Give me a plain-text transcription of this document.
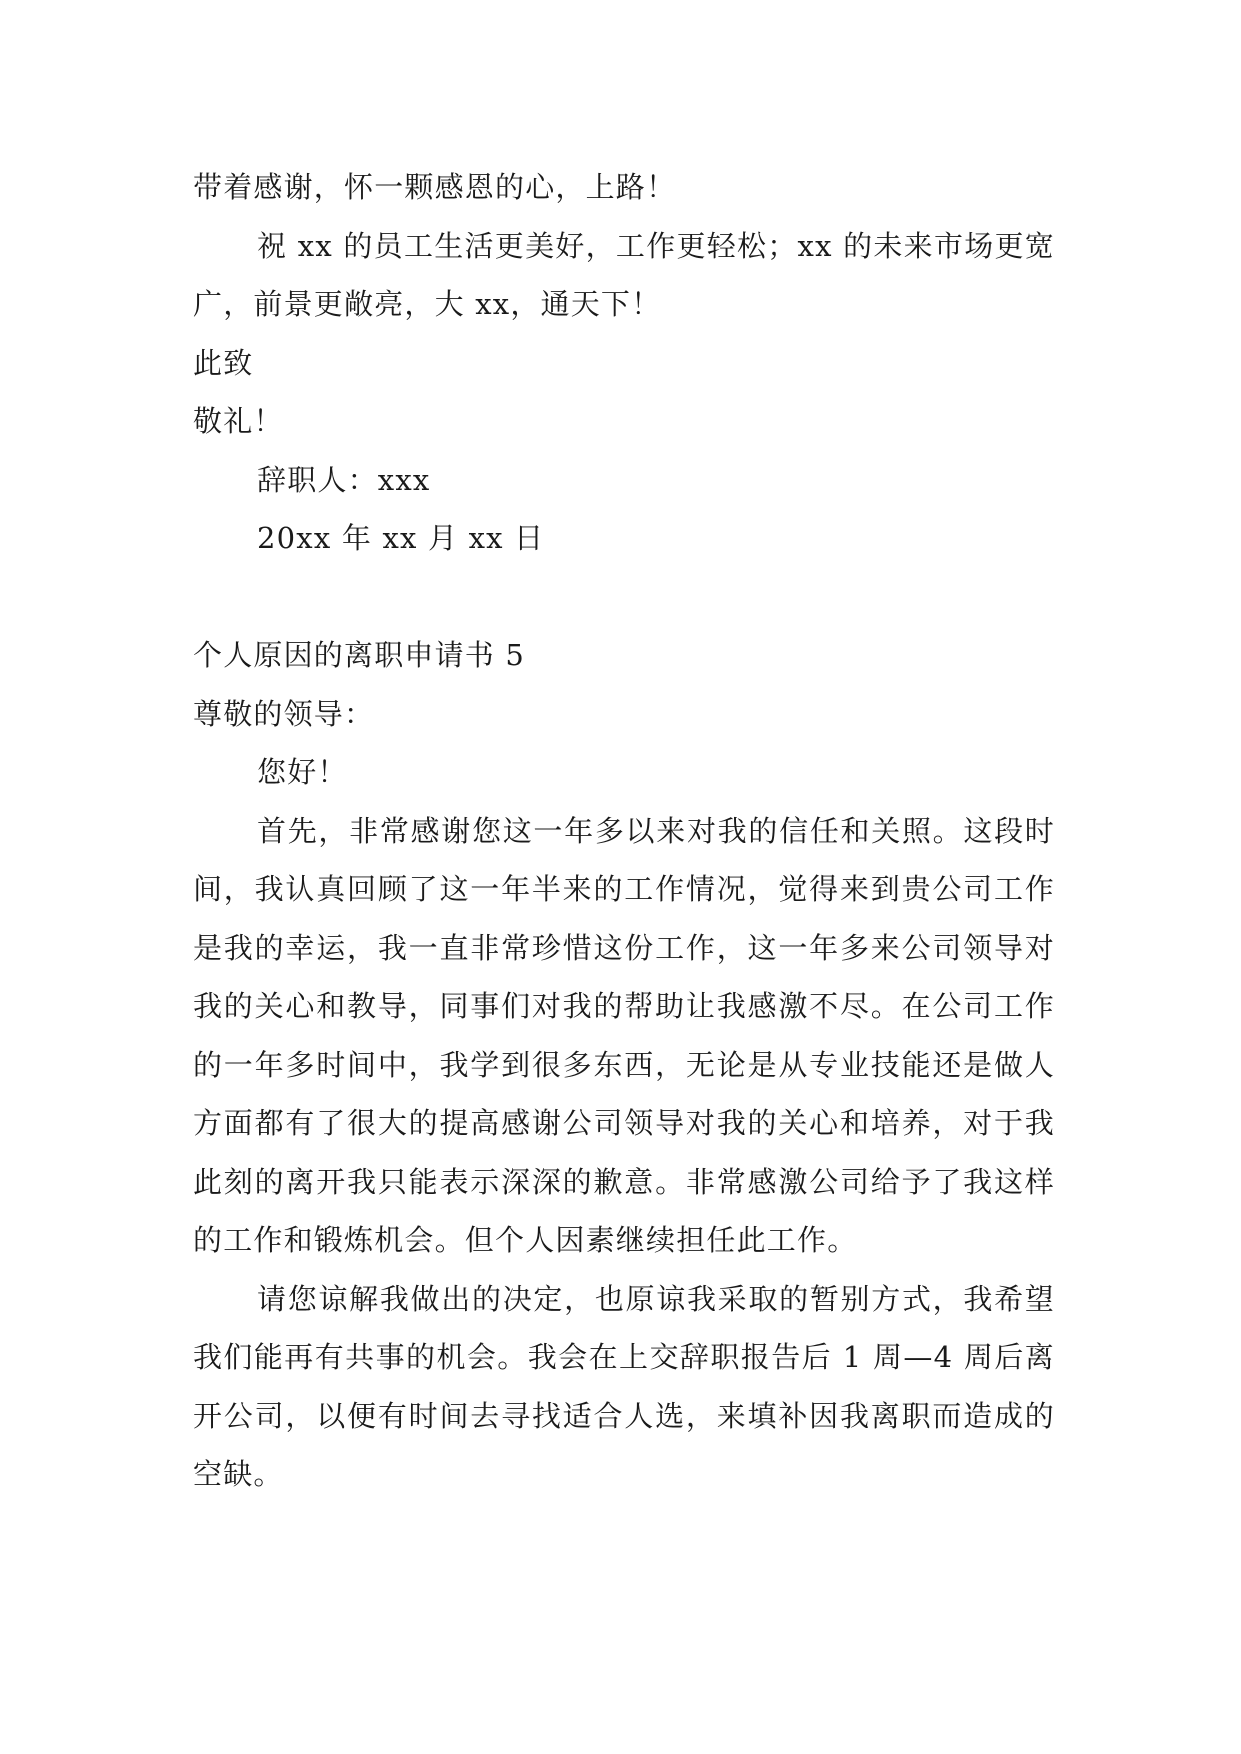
带着感谢，怀一颗感恩的心，上路！
祝 xx 的员工生活更美好，工作更轻松；xx 的未来市场更宽广，前景更敞亮，大 xx，通天下！
此致
敬礼！
辞职人：xxx
20xx 年 xx 月 xx 日
个人原因的离职申请书 5
尊敬的领导：
您好！
首先，非常感谢您这一年多以来对我的信任和关照。这段时间，我认真回顾了这一年半来的工作情况，觉得来到贵公司工作是我的幸运，我一直非常珍惜这份工作，这一年多来公司领导对我的关心和教导，同事们对我的帮助让我感激不尽。在公司工作的一年多时间中，我学到很多东西，无论是从专业技能还是做人方面都有了很大的提高感谢公司领导对我的关心和培养，对于我此刻的离开我只能表示深深的歉意。非常感激公司给予了我这样的工作和锻炼机会。但个人因素继续担任此工作。
请您谅解我做出的决定，也原谅我采取的暂别方式，我希望我们能再有共事的机会。我会在上交辞职报告后 1 周—4 周后离开公司，以便有时间去寻找适合人选，来填补因我离职而造成的空缺。
